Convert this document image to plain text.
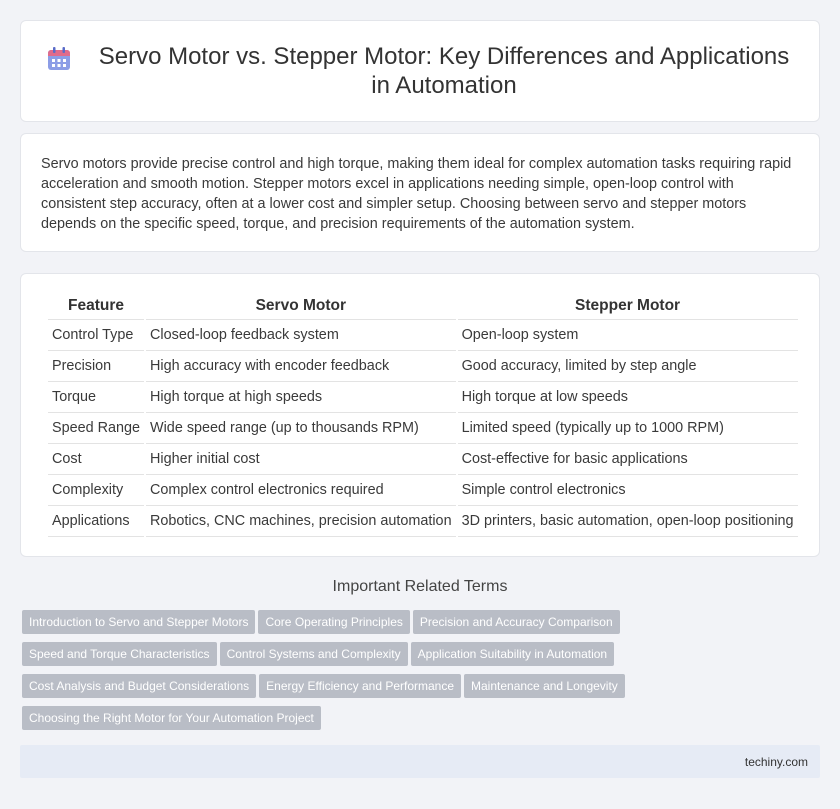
Servo Motor vs. Stepper Motor: Key Differences and Applications in Automation

Servo motors provide precise control and high torque, making them ideal for complex automation tasks requiring rapid acceleration and smooth motion. Stepper motors excel in applications needing simple, open-loop control with consistent step accuracy, often at a lower cost and simpler setup. Choosing between servo and stepper motors depends on the specific speed, torque, and precision requirements of the automation system.

Feature	Servo Motor	Stepper Motor
Control Type	Closed-loop feedback system	Open-loop system
Precision	High accuracy with encoder feedback	Good accuracy, limited by step angle
Torque	High torque at high speeds	High torque at low speeds
Speed Range	Wide speed range (up to thousands RPM)	Limited speed (typically up to 1000 RPM)
Cost	Higher initial cost	Cost-effective for basic applications
Complexity	Complex control electronics required	Simple control electronics
Applications	Robotics, CNC machines, precision automation	3D printers, basic automation, open-loop positioning
Important Related Terms
Introduction to Servo and Stepper Motors Core Operating Principles Precision and Accuracy Comparison
Speed and Torque Characteristics Control Systems and Complexity Application Suitability in Automation
Cost Analysis and Budget Considerations Energy Efficiency and Performance Maintenance and Longevity
Choosing the Right Motor for Your Automation Project
techiny.com
